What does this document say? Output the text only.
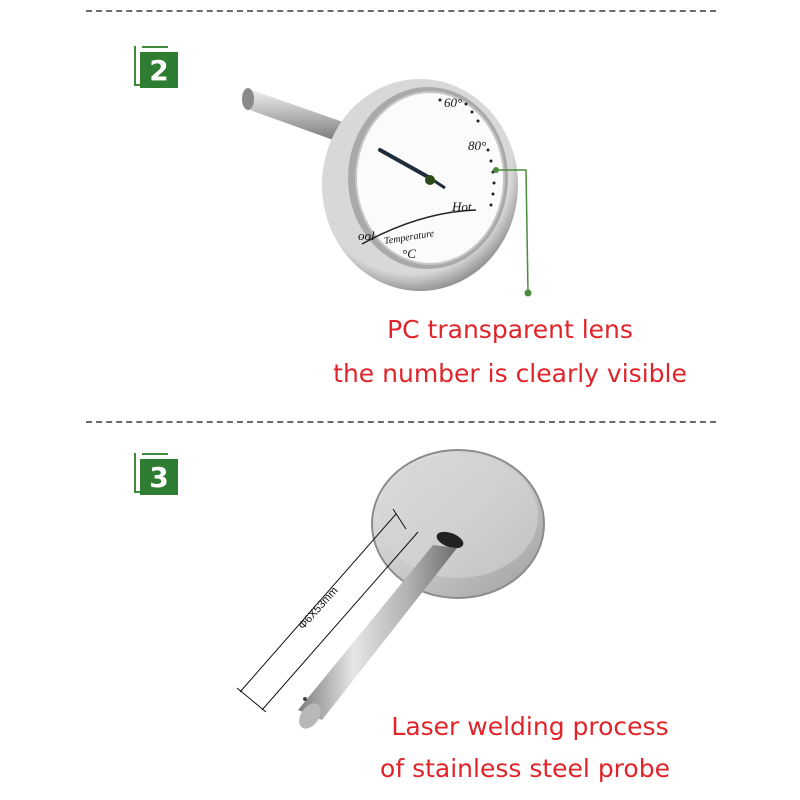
2
3
60°
80°
Hot
ool Temperature
°C
PC transparent lens
the number is clearly visible
Φ6X53mm
Laser welding process
of stainless steel probe
